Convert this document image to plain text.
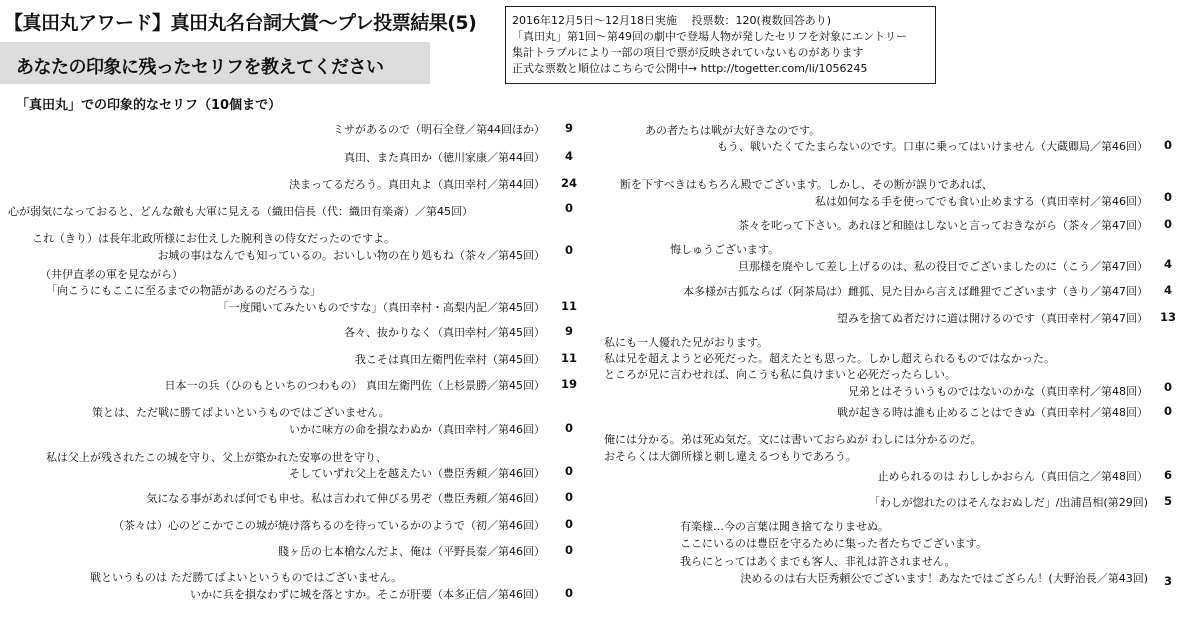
【真田丸アワード】真田丸名台詞大賞〜プレ投票結果(5)
あなたの印象に残ったセリフを教えてください
2016年12月5日〜12月18日実施　 投票数：120(複数回答あり)
「真田丸」第1回〜第49回の劇中で登場人物が発したセリフを対象にエントリー
集計トラブルにより一部の項目で票が反映されていないものがあります
正式な票数と順位はこちらで公開中→ http://togetter.com/li/1056245
「真田丸」での印象的なセリフ（10個まで）
ミサがあるので（明石全登／第44回ほか）	9
真田、また真田か（徳川家康／第44回）	4
決まってるだろう。真田丸よ（真田幸村／第44回）	24
心が弱気になっておると、どんな敵も大軍に見える（織田信長（代：織田有楽斎）／第45回）	0
これ（きり）は長年北政所様にお仕えした腕利きの侍女だったのですよ。
お城の事はなんでも知っているの。おいしい物の在り処もね（茶々／第45回）	0
（井伊直孝の軍を見ながら）
「向こうにもここに至るまでの物語があるのだろうな」
「一度聞いてみたいものですな」（真田幸村・高梨内記／第45回）	11
各々、抜かりなく（真田幸村／第45回）	9
我こそは真田左衛門佐幸村（第45回）	11
日本一の兵（ひのもといちのつわもの） 真田左衛門佐（上杉景勝／第45回）	19
策とは、ただ戦に勝てばよいというものではございません。
いかに味方の命を損なわぬか（真田幸村／第46回）	0
私は父上が残されたこの城を守り、父上が築かれた安寧の世を守り、
そしていずれ父上を越えたい（豊臣秀頼／第46回）	0
気になる事があれば何でも申せ。私は言われて伸びる男ぞ（豊臣秀頼／第46回）	0
（茶々は）心のどこかでこの城が焼け落ちるのを待っているかのようで（初／第46回）	0
賤ヶ岳の七本槍なんだよ、俺は（平野長泰／第46回）	0
戦というものは ただ勝てばよいというものではございません。
いかに兵を損なわずに城を落とすか。そこが肝要（本多正信／第46回）	0
あの者たちは戦が大好きなのです。
もう、戦いたくてたまらないのです。口車に乗ってはいけません（大蔵卿局／第46回）	0
断を下すべきはもちろん殿でございます。しかし、その断が誤りであれば、
私は如何なる手を使ってでも食い止めまする（真田幸村／第46回）	0
茶々を叱って下さい。あれほど和睦はしないと言っておきながら（茶々／第47回）	0
悔しゅうございます。
旦那様を廃やして差し上げるのは、私の役目でございましたのに（こう／第47回）	4
本多様が古狐ならば（阿茶局は）雌狐、見た目から言えば雌狸でございます（きり／第47回）	4
望みを捨てぬ者だけに道は開けるのです（真田幸村／第47回）	13
私にも一人優れた兄がおります。
私は兄を超えようと必死だった。超えたとも思った。しかし超えられるものではなかった。
ところが兄に言わせれば、向こうも私に負けまいと必死だったらしい。
兄弟とはそういうものではないのかな（真田幸村／第48回）	0
戦が起きる時は誰も止めることはできぬ（真田幸村／第48回）	0
俺には分かる。弟は死ぬ気だ。文には書いておらぬが わしには分かるのだ。
おそらくは大御所様と刺し違えるつもりであろう。
止められるのは わししかおらん（真田信之／第48回）	6
「わしが惚れたのはそんなおぬしだ」/出浦昌相(第29回)	5
有楽様…今の言葉は聞き捨てなりませぬ。
ここにいるのは豊臣を守るために集った者たちでございます。
我らにとってはあくまでも客人、非礼は許されません。
決めるのは右大臣秀頼公でございます！あなたではござらん！(大野治長／第43回)	3
